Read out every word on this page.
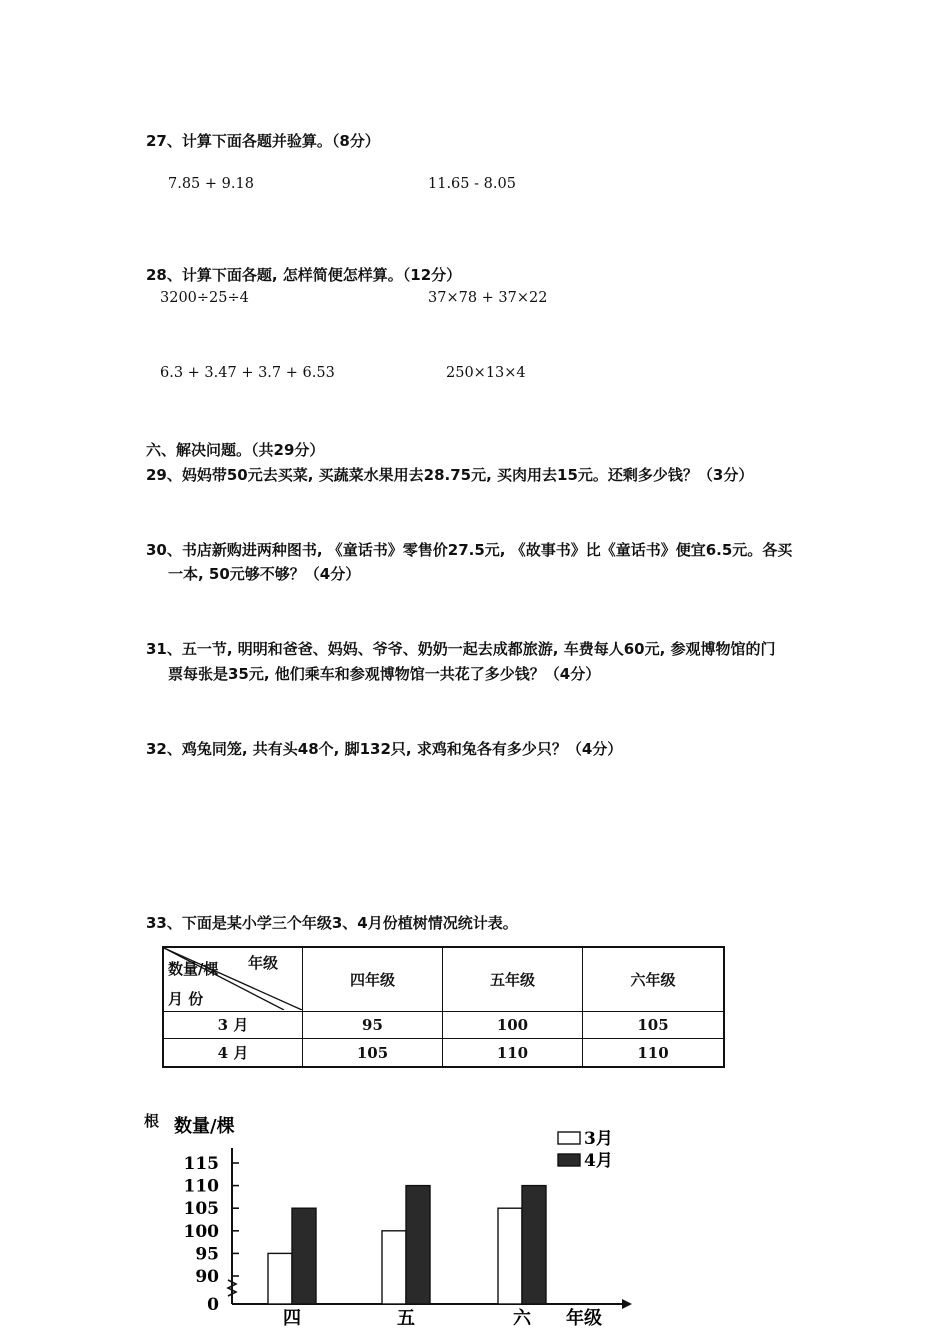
27、计算下面各题并验算。（8分）
7.85 + 9.18	11.65 - 8.05
28、计算下面各题, 怎样简便怎样算。（12分）
3200÷25÷4	37×78 + 37×22
6.3 + 3.47 + 3.7 + 6.53	250×13×4
六、解决问题。（共29分）
29、妈妈带50元去买菜, 买蔬菜水果用去28.75元, 买肉用去15元。还剩多少钱？（3分）
30、书店新购进两种图书, 《童话书》零售价27.5元, 《故事书》比《童话书》便宜6.5元。各买
一本, 50元够不够？（4分）
31、五一节, 明明和爸爸、妈妈、爷爷、奶奶一起去成都旅游, 车费每人60元, 参观博物馆的门
票每张是35元, 他们乘车和参观博物馆一共花了多少钱？（4分）
32、鸡兔同笼, 共有头48个, 脚132只, 求鸡和兔各有多少只？（4分）
33、下面是某小学三个年级3、4月份植树情况统计表。
数量/棵 年级
月 份	四年级	五年级	六年级
3 月	95	100	105
4 月	105	110	110
根 数量/棵
0
90
95
100
105
110
115
四	五	六 年级
3月
4月
